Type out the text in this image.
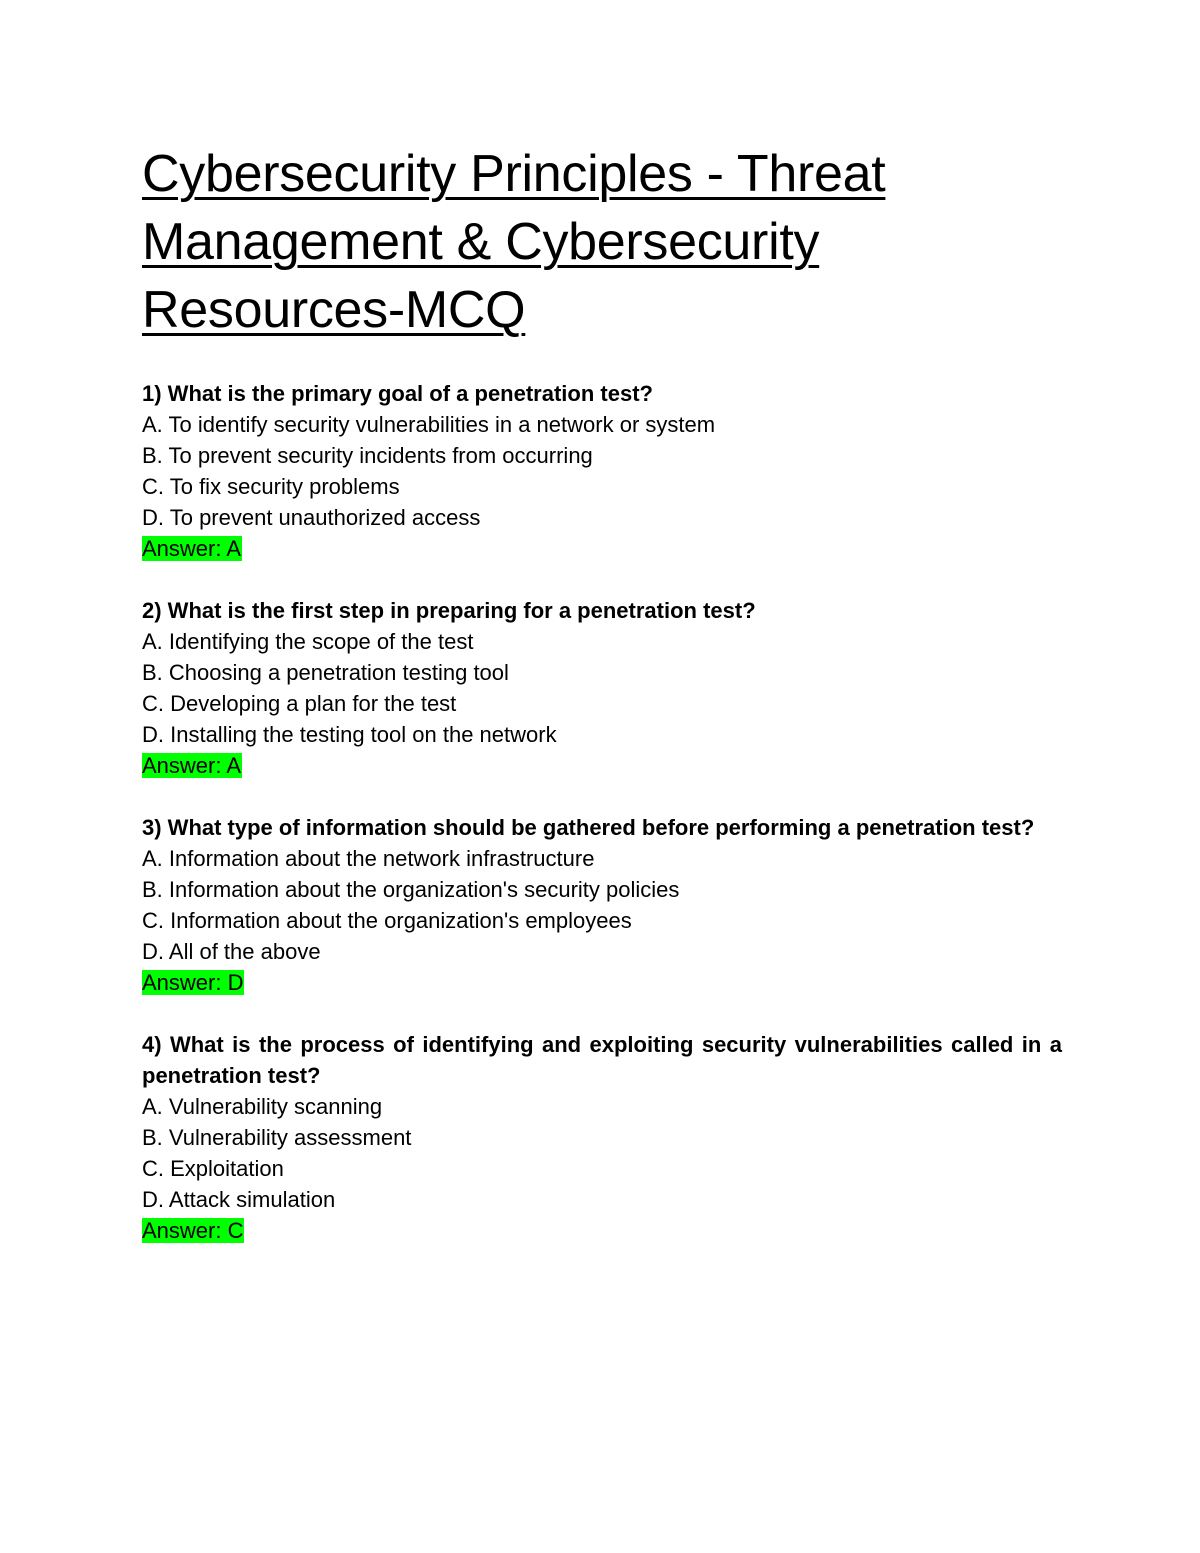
Cybersecurity Principles - Threat
Management & Cybersecurity
Resources-MCQ

1) What is the primary goal of a penetration test?

A. To identify security vulnerabilities in a network or system

B. To prevent security incidents from occurring

C. To fix security problems

D. To prevent unauthorized access

Answer: A

2) What is the first step in preparing for a penetration test?

A. Identifying the scope of the test

B. Choosing a penetration testing tool

C. Developing a plan for the test

D. Installing the testing tool on the network

Answer: A

3) What type of information should be gathered before performing a penetration test?

A. Information about the network infrastructure

B. Information about the organization's security policies

C. Information about the organization's employees

D. All of the above

Answer: D

4) What is the process of identifying and exploiting security vulnerabilities called in a penetration test?

A. Vulnerability scanning

B. Vulnerability assessment

C. Exploitation

D. Attack simulation

Answer: C
